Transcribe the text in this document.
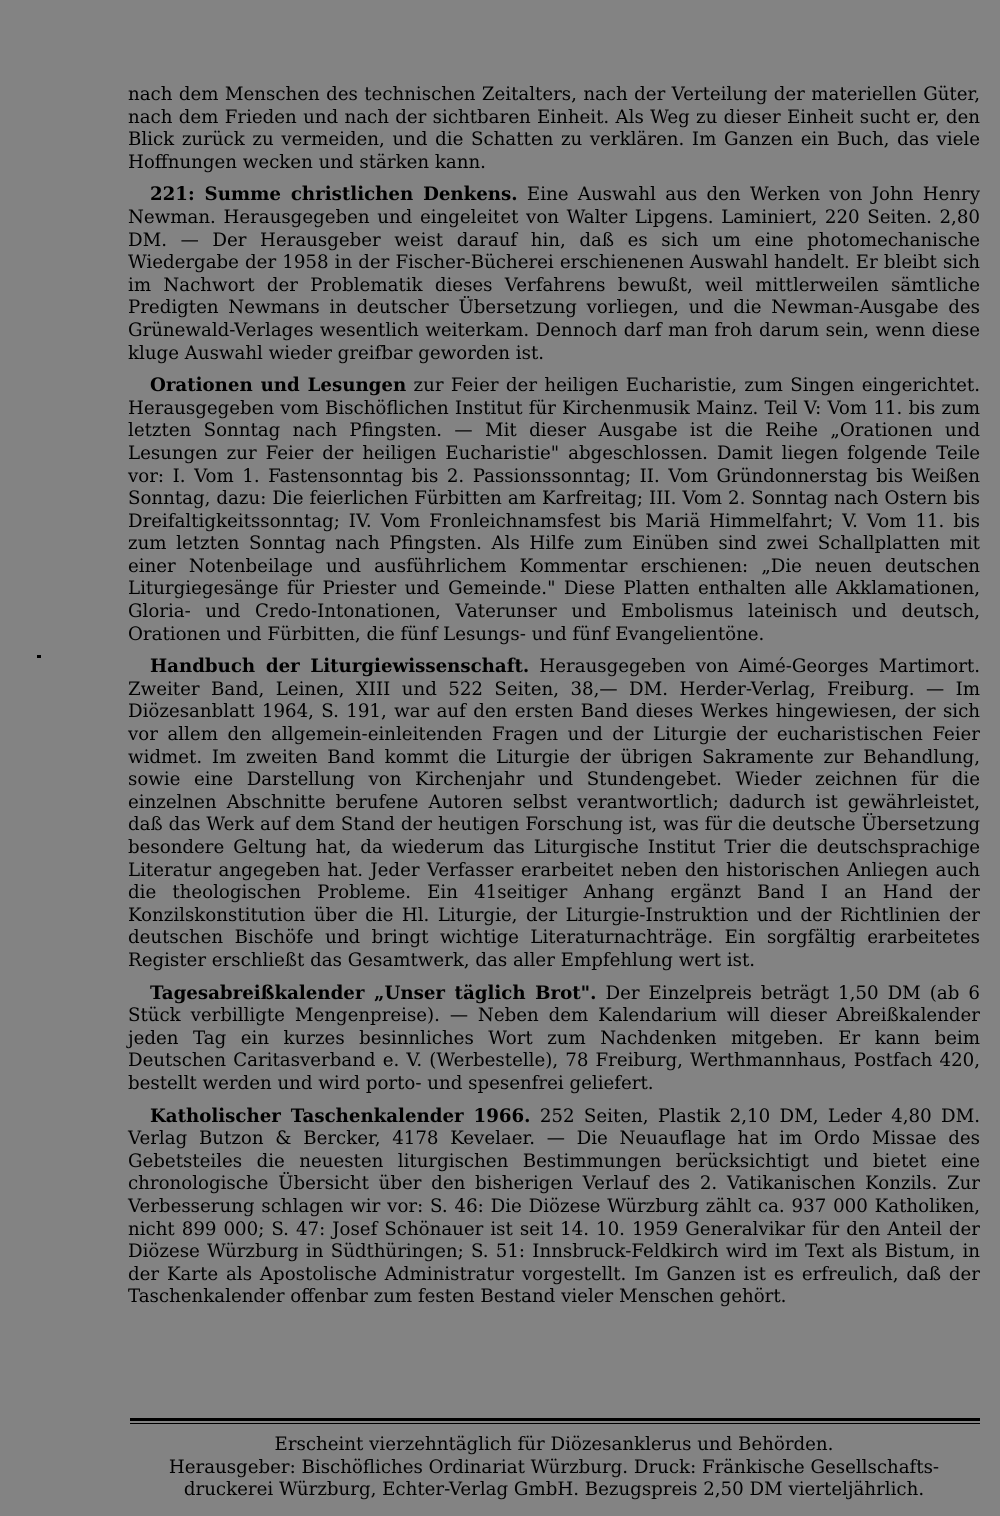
nach dem Menschen des technischen Zeitalters, nach der Verteilung der materiellen Güter, nach dem Frieden und nach der sichtbaren Einheit. Als Weg zu dieser Einheit sucht er, den Blick zurück zu vermeiden, und die Schatten zu verklären. Im Ganzen ein Buch, das viele Hoffnungen wecken und stärken kann.

221: Summe christlichen Denkens. Eine Auswahl aus den Werken von John Henry Newman. Herausgegeben und eingeleitet von Walter Lipgens. Laminiert, 220 Seiten. 2,80 DM. — Der Herausgeber weist darauf hin, daß es sich um eine photomechanische Wiedergabe der 1958 in der Fischer-Bücherei erschienenen Auswahl handelt. Er bleibt sich im Nachwort der Problematik dieses Verfahrens bewußt, weil mittlerweilen sämtliche Predigten Newmans in deutscher Übersetzung vorliegen, und die Newman-Ausgabe des Grünewald-Verlages wesentlich weiterkam. Dennoch darf man froh darum sein, wenn diese kluge Auswahl wieder greifbar geworden ist.

Orationen und Lesungen zur Feier der heiligen Eucharistie, zum Singen eingerichtet. Herausgegeben vom Bischöflichen Institut für Kirchenmusik Mainz. Teil V: Vom 11. bis zum letzten Sonntag nach Pfingsten. — Mit dieser Ausgabe ist die Reihe „Orationen und Lesungen zur Feier der heiligen Eucharistie" abgeschlossen. Damit liegen folgende Teile vor: I. Vom 1. Fastensonntag bis 2. Passionssonntag; II. Vom Gründonnerstag bis Weißen Sonntag, dazu: Die feierlichen Fürbitten am Karfreitag; III. Vom 2. Sonntag nach Ostern bis Dreifaltigkeitssonntag; IV. Vom Fronleichnamsfest bis Mariä Himmelfahrt; V. Vom 11. bis zum letzten Sonntag nach Pfingsten. Als Hilfe zum Einüben sind zwei Schallplatten mit einer Notenbeilage und ausführlichem Kommentar erschienen: „Die neuen deutschen Liturgiegesänge für Priester und Gemeinde." Diese Platten enthalten alle Akklamationen, Gloria- und Credo-Intonationen, Vaterunser und Embolismus lateinisch und deutsch, Orationen und Fürbitten, die fünf Lesungs- und fünf Evangelientöne.

Handbuch der Liturgiewissenschaft. Herausgegeben von Aimé-Georges Martimort. Zweiter Band, Leinen, XIII und 522 Seiten, 38,— DM. Herder-Verlag, Freiburg. — Im Diözesanblatt 1964, S. 191, war auf den ersten Band dieses Werkes hingewiesen, der sich vor allem den allgemein-einleitenden Fragen und der Liturgie der eucharistischen Feier widmet. Im zweiten Band kommt die Liturgie der übrigen Sakramente zur Behandlung, sowie eine Darstellung von Kirchenjahr und Stundengebet. Wieder zeichnen für die einzelnen Abschnitte berufene Autoren selbst verantwortlich; dadurch ist gewährleistet, daß das Werk auf dem Stand der heutigen Forschung ist, was für die deutsche Übersetzung besondere Geltung hat, da wiederum das Liturgische Institut Trier die deutschsprachige Literatur angegeben hat. Jeder Verfasser erarbeitet neben den historischen Anliegen auch die theologischen Probleme. Ein 41seitiger Anhang ergänzt Band I an Hand der Konzilskonstitution über die Hl. Liturgie, der Liturgie-Instruktion und der Richtlinien der deutschen Bischöfe und bringt wichtige Literaturnachträge. Ein sorgfältig erarbeitetes Register erschließt das Gesamtwerk, das aller Empfehlung wert ist.

Tagesabreißkalender „Unser täglich Brot". Der Einzelpreis beträgt 1,50 DM (ab 6 Stück verbilligte Mengenpreise). — Neben dem Kalendarium will dieser Abreißkalender jeden Tag ein kurzes besinnliches Wort zum Nachdenken mitgeben. Er kann beim Deutschen Caritasverband e. V. (Werbestelle), 78 Freiburg, Werthmannhaus, Postfach 420, bestellt werden und wird porto- und spesenfrei geliefert.

Katholischer Taschenkalender 1966. 252 Seiten, Plastik 2,10 DM, Leder 4,80 DM. Verlag Butzon & Bercker, 4178 Kevelaer. — Die Neuauflage hat im Ordo Missae des Gebetsteiles die neuesten liturgischen Bestimmungen berücksichtigt und bietet eine chronologische Übersicht über den bisherigen Verlauf des 2. Vatikanischen Konzils. Zur Verbesserung schlagen wir vor: S. 46: Die Diözese Würzburg zählt ca. 937 000 Katholiken, nicht 899 000; S. 47: Josef Schönauer ist seit 14. 10. 1959 Generalvikar für den Anteil der Diözese Würzburg in Südthüringen; S. 51: Innsbruck-Feldkirch wird im Text als Bistum, in der Karte als Apostolische Administratur vorgestellt. Im Ganzen ist es erfreulich, daß der Taschenkalender offenbar zum festen Bestand vieler Menschen gehört.

Erscheint vierzehntäglich für Diözesanklerus und Behörden.
Herausgeber: Bischöfliches Ordinariat Würzburg. Druck: Fränkische Gesellschafts-
druckerei Würzburg, Echter-Verlag GmbH. Bezugspreis 2,50 DM vierteljährlich.
